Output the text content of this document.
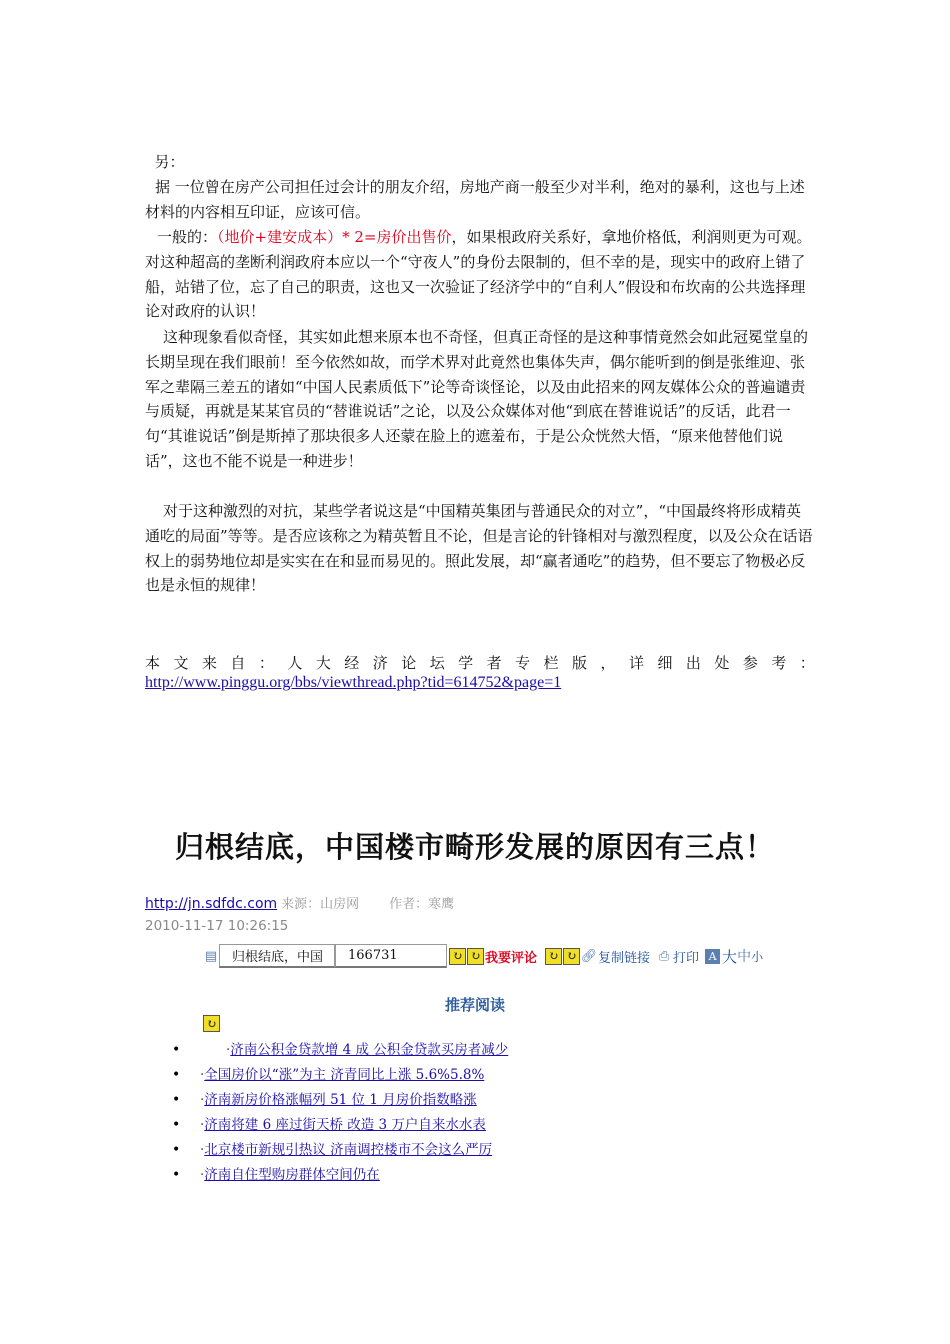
另：

据 一位曾在房产公司担任过会计的朋友介绍，房地产商一般至少对半利，绝对的暴利，这也与上述材料的内容相互印证，应该可信。

一般的：（地价+建安成本）* 2=房价出售价，如果根政府关系好，拿地价格低，利润则更为可观。对这种超高的垄断利润政府本应以一个“守夜人”的身份去限制的，但不幸的是，现实中的政府上错了船，站错了位，忘了自己的职责，这也又一次验证了经济学中的“自利人”假设和布坎南的公共选择理论对政府的认识！

这种现象看似奇怪，其实如此想来原本也不奇怪，但真正奇怪的是这种事情竟然会如此冠冕堂皇的长期呈现在我们眼前！至今依然如故，而学术界对此竟然也集体失声，偶尔能听到的倒是张维迎、张军之辈隔三差五的诸如“中国人民素质低下”论等奇谈怪论，以及由此招来的网友媒体公众的普遍谴责与质疑，再就是某某官员的“替谁说话”之论，以及公众媒体对他“到底在替谁说话”的反话，此君一句“其谁说话”倒是斯掉了那块很多人还蒙在脸上的遮羞布，于是公众恍然大悟，“原来他替他们说话”，这也不能不说是一种进步！

对于这种激烈的对抗，某些学者说这是“中国精英集团与普通民众的对立”，“中国最终将形成精英通吃的局面”等等。是否应该称之为精英暂且不论，但是言论的针锋相对与激烈程度，以及公众在话语权上的弱势地位却是实实在在和显而易见的。照此发展，却“赢者通吃”的趋势，但不要忘了物极必反也是永恒的规律！

本 文 来 自 ： 人 大 经 济 论 坛 学 者 专 栏 版 ， 详 细 出 处 参 考 ：
http://www.pinggu.org/bbs/viewthread.php?tid=614752&page=1
归根结底，中国楼市畸形发展的原因有三点！
http://jn.sdfdc.com 来源：山房网 作者：寒鹰
2010-11-17 10:26:15
▤	归根结底，中国	166731	↻ ↻ 我要评论 ↻ ↻ 🔗︎ 复制链接 ⎙ 打印 A 大 中 小
推荐阅读
↻
•	·济南公积金贷款增 4 成 公积金贷款买房者减少
• ·全国房价以“涨”为主 济青同比上涨 5.6%5.8%
• ·济南新房价格涨幅列 51 位 1 月房价指数略涨
• ·济南将建 6 座过街天桥 改造 3 万户自来水水表
• ·北京楼市新规引热议 济南调控楼市不会这么严厉
• ·济南自住型购房群体空间仍在
